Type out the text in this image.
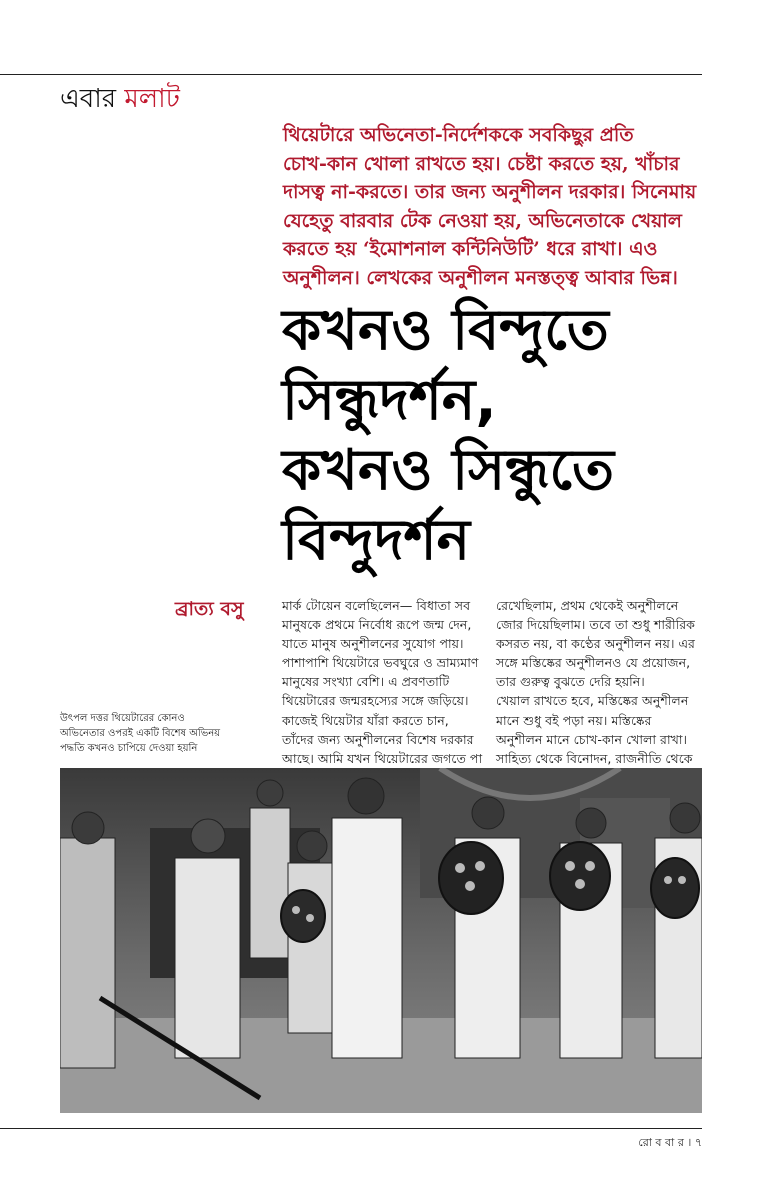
এবার মলাট
থিয়েটারে অভিনেতা-নির্দেশককে সবকিছুর প্রতি
চোখ-কান খোলা রাখতে হয়। চেষ্টা করতে হয়, খাঁচার
দাসত্ব না-করতে। তার জন্য অনুশীলন দরকার। সিনেমায়
যেহেতু বারবার টেক নেওয়া হয়, অভিনেতাকে খেয়াল
করতে হয় ‘ইমোশনাল কন্টিনিউটি’ ধরে রাখা। এও
অনুশীলন। লেখকের অনুশীলন মনস্তত্ত্ব আবার ভিন্ন।
কখনও বিন্দুতে
সিন্ধুদর্শন,
কখনও সিন্ধুতে
বিন্দুদর্শন
ব্রাত্য বসু	মার্ক টোয়েন বলেছিলেন— বিধাতা সব
মানুষকে প্রথমে নির্বোধ রূপে জন্ম দেন,
যাতে মানুষ অনুশীলনের সুযোগ পায়।
পাশাপাশি থিয়েটারে ভবঘুরে ও ভ্রাম্যমাণ
মানুষের সংখ্যা বেশি। এ প্রবণতাটি
থিয়েটারের জন্মরহস্যের সঙ্গে জড়িয়ে।
কাজেই থিয়েটার যাঁরা করতে চান,
তাঁদের জন্য অনুশীলনের বিশেষ দরকার
আছে। আমি যখন থিয়েটারের জগতে পা
রেখেছিলাম, প্রথম থেকেই অনুশীলনে
জোর দিয়েছিলাম। তবে তা শুধু শারীরিক
কসরত নয়, বা কণ্ঠের অনুশীলন নয়। এর
সঙ্গে মস্তিষ্কের অনুশীলনও যে প্রয়োজন,
তার গুরুত্ব বুঝতে দেরি হয়নি।
খেয়াল রাখতে হবে, মস্তিষ্কের অনুশীলন
মানে শুধু বই পড়া নয়। মস্তিষ্কের
অনুশীলন মানে চোখ-কান খোলা রাখা।
সাহিত্য থেকে বিনোদন, রাজনীতি থেকে
উৎপল দত্তর থিয়েটারের কোনও
অভিনেতার ওপরই একটি বিশেষ অভিনয়
পদ্ধতি কখনও চাপিয়ে দেওয়া হয়নি
রো ব বা র । ৭
